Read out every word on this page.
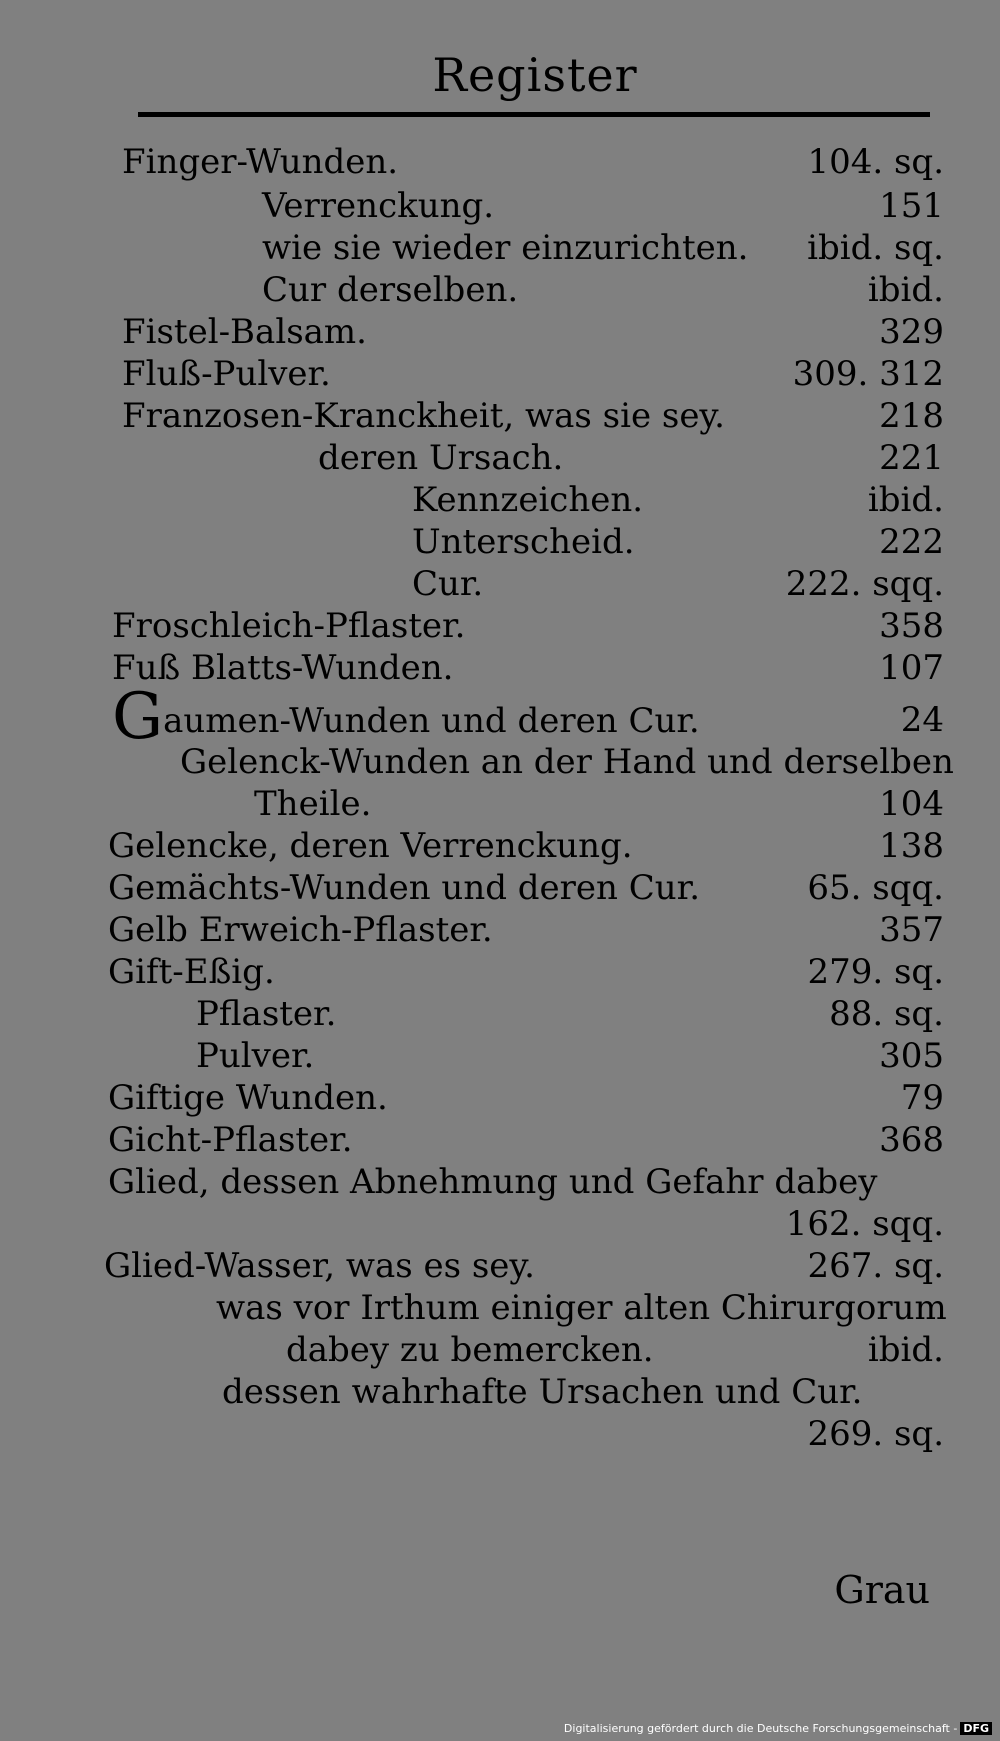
Register
Finger-Wunden.	104. sq.
Verrenckung.	151
wie sie wieder einzurichten. ibid. sq.
Cur derselben.	ibid.
Fistel-Balsam.	329
Fluß-Pulver.	309. 312
Franzosen-Kranckheit, was sie sey.	218
deren Ursach.	221
Kennzeichen.	ibid.
Unterscheid.	222
Cur.	222. sqq.
Froschleich-Pflaster.	358
Fuß Blatts-Wunden.	107
Gaumen-Wunden und deren Cur.	24
Gelenck-Wunden an der Hand und derselben
Theile.	104
Gelencke, deren Verrenckung.	138
Gemächts-Wunden und deren Cur.	65. sqq.
Gelb Erweich-Pflaster.	357
Gift-Eßig.	279. sq.
Pflaster.	88. sq.
Pulver.	305
Giftige Wunden.	79
Gicht-Pflaster.	368
Glied, dessen Abnehmung und Gefahr dabey
162. sqq.
Glied-Wasser, was es sey.	267. sq.
was vor Irthum einiger alten Chirurgorum
dabey zu bemercken.	ibid.
dessen wahrhafte Ursachen und Cur.
269. sq.
Grau
Digitalisierung gefördert durch die Deutsche Forschungsgemeinschaft - DFG
